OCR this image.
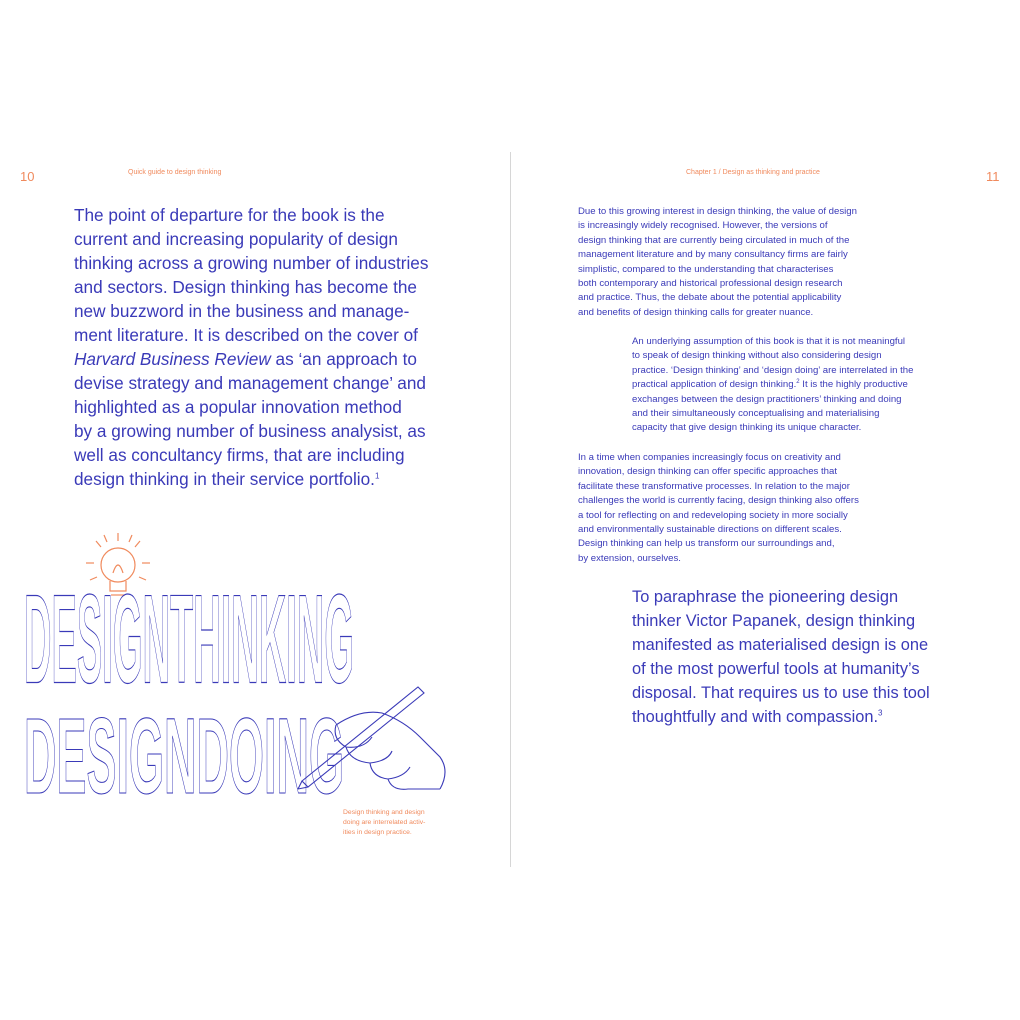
10	Quick guide to design thinking
The point of departure for the book is the
current and increasing popularity of design
thinking across a growing number of industries
and sectors. Design thinking has become the
new buzzword in the business and manage-
ment literature. It is described on the cover of
Harvard Business Review as ‘an approach to
devise strategy and management change’ and
highlighted as a popular innovation method
by a growing number of business analysist, as
well as concultancy firms, that are including
design thinking in their service portfolio.$^1$
DESIGNTHINKING
DESIGNDOING Design thinking and design
doing are interrelated activ-
ities in design practice.
Chapter 1 / Design as thinking and practice	11
Due to this growing interest in design thinking, the value of design
is increasingly widely recognised. However, the versions of
design thinking that are currently being circulated in much of the
management literature and by many consultancy firms are fairly
simplistic, compared to the understanding that characterises
both contemporary and historical professional design research
and practice. Thus, the debate about the potential applicability
and benefits of design thinking calls for greater nuance.
An underlying assumption of this book is that it is not meaningful
to speak of design thinking without also considering design
practice. ‘Design thinking’ and ‘design doing’ are interrelated in the
practical application of design thinking.$^2$ It is the highly productive
exchanges between the design practitioners’ thinking and doing
and their simultaneously conceptualising and materialising
capacity that give design thinking its unique character.
In a time when companies increasingly focus on creativity and
innovation, design thinking can offer specific approaches that
facilitate these transformative processes. In relation to the major
challenges the world is currently facing, design thinking also offers
a tool for reflecting on and redeveloping society in more socially
and environmentally sustainable directions on different scales.
Design thinking can help us transform our surroundings and,
by extension, ourselves.
To paraphrase the pioneering design
thinker Victor Papanek, design thinking
manifested as materialised design is one
of the most powerful tools at humanity’s
disposal. That requires us to use this tool
thoughtfully and with compassion.$^3$
